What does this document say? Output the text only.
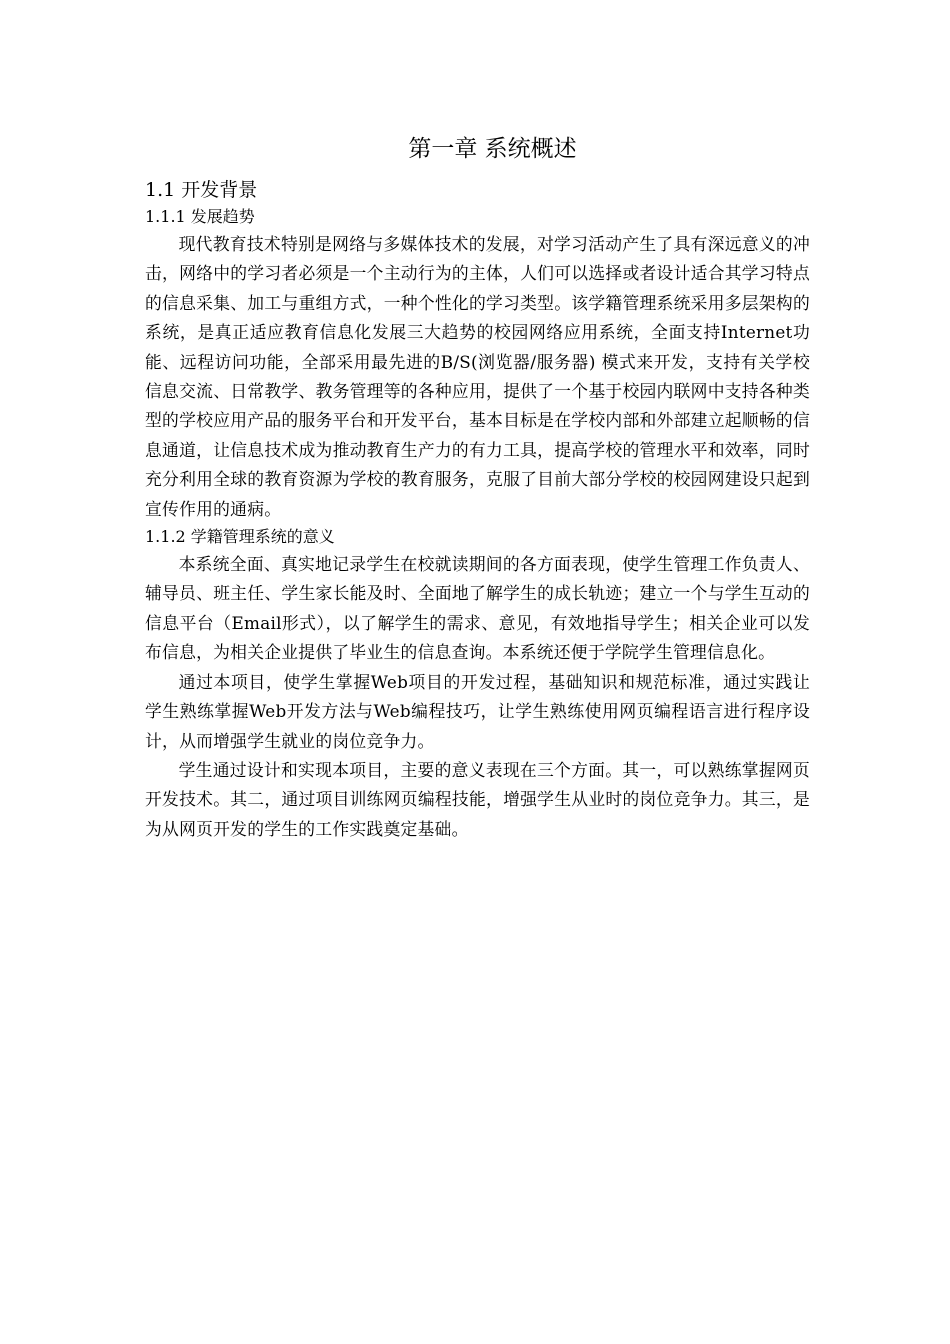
第一章 系统概述
1.1 开发背景
1.1.1 发展趋势

现代教育技术特别是网络与多媒体技术的发展，对学习活动产生了具有深远意义的冲击，网络中的学习者必须是一个主动行为的主体，人们可以选择或者设计适合其学习特点的信息采集、加工与重组方式，一种个性化的学习类型。该学籍管理系统采用多层架构的系统，是真正适应教育信息化发展三大趋势的校园网络应用系统，全面支持Internet功能、远程访问功能，全部采用最先进的B/S(浏览器/服务器) 模式来开发，支持有关学校信息交流、日常教学、教务管理等的各种应用，提供了一个基于校园内联网中支持各种类型的学校应用产品的服务平台和开发平台，基本目标是在学校内部和外部建立起顺畅的信息通道，让信息技术成为推动教育生产力的有力工具，提高学校的管理水平和效率，同时充分利用全球的教育资源为学校的教育服务，克服了目前大部分学校的校园网建设只起到宣传作用的通病。

1.1.2 学籍管理系统的意义

本系统全面、真实地记录学生在校就读期间的各方面表现，使学生管理工作负责人、辅导员、班主任、学生家长能及时、全面地了解学生的成长轨迹；建立一个与学生互动的信息平台（Email形式），以了解学生的需求、意见，有效地指导学生；相关企业可以发布信息，为相关企业提供了毕业生的信息查询。本系统还便于学院学生管理信息化。

通过本项目，使学生掌握Web项目的开发过程，基础知识和规范标准，通过实践让学生熟练掌握Web开发方法与Web编程技巧，让学生熟练使用网页编程语言进行程序设计，从而增强学生就业的岗位竞争力。

学生通过设计和实现本项目，主要的意义表现在三个方面。其一，可以熟练掌握网页开发技术。其二，通过项目训练网页编程技能，增强学生从业时的岗位竞争力。其三，是为从网页开发的学生的工作实践奠定基础。
